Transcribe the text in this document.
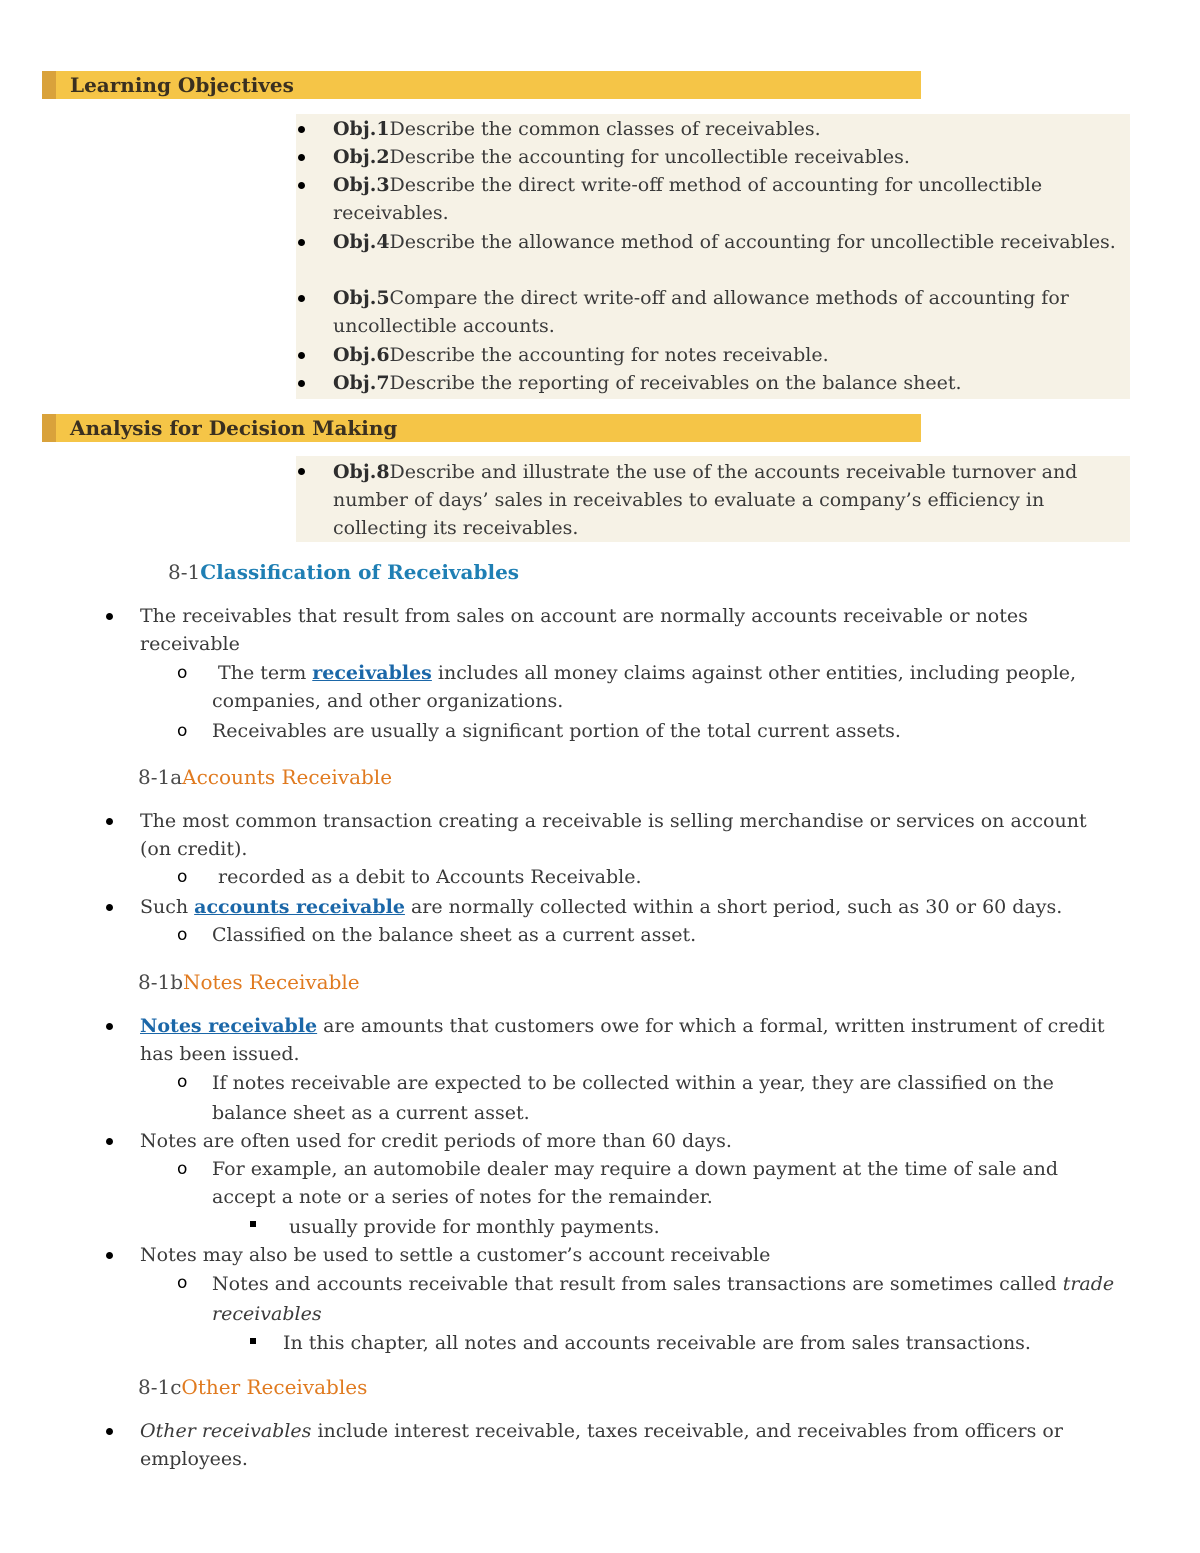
Learning Objectives
Obj.1Describe the common classes of receivables.
Obj.2Describe the accounting for uncollectible receivables.
Obj.3Describe the direct write-off method of accounting for uncollectible receivables.
Obj.4Describe the allowance method of accounting for uncollectible receivables.
Obj.5Compare the direct write-off and allowance methods of accounting for uncollectible accounts.
Obj.6Describe the accounting for notes receivable.
Obj.7Describe the reporting of receivables on the balance sheet.
Analysis for Decision Making
Obj.8Describe and illustrate the use of the accounts receivable turnover and number of days’ sales in receivables to evaluate a company’s efficiency in collecting its receivables.
8-1Classification of Receivables
The receivables that result from sales on account are normally accounts receivable or notes receivable
o	The term receivables includes all money claims against other entities, including people, companies, and other organizations.
o Receivables are usually a significant portion of the total current assets.
8-1aAccounts Receivable
The most common transaction creating a receivable is selling merchandise or services on account (on credit).
o	recorded as a debit to Accounts Receivable.
Such accounts receivable are normally collected within a short period, such as 30 or 60 days.
o Classified on the balance sheet as a current asset.
8-1bNotes Receivable
Notes receivable are amounts that customers owe for which a formal, written instrument of credit has been issued.
o If notes receivable are expected to be collected within a year, they are classified on the balance sheet as a current asset.
Notes are often used for credit periods of more than 60 days.
o For example, an automobile dealer may require a down payment at the time of sale and accept a note or a series of notes for the remainder.
usually provide for monthly payments.
Notes may also be used to settle a customer’s account receivable
o Notes and accounts receivable that result from sales transactions are sometimes called trade receivables
In this chapter, all notes and accounts receivable are from sales transactions.
8-1cOther Receivables
Other receivables include interest receivable, taxes receivable, and receivables from officers or employees.
